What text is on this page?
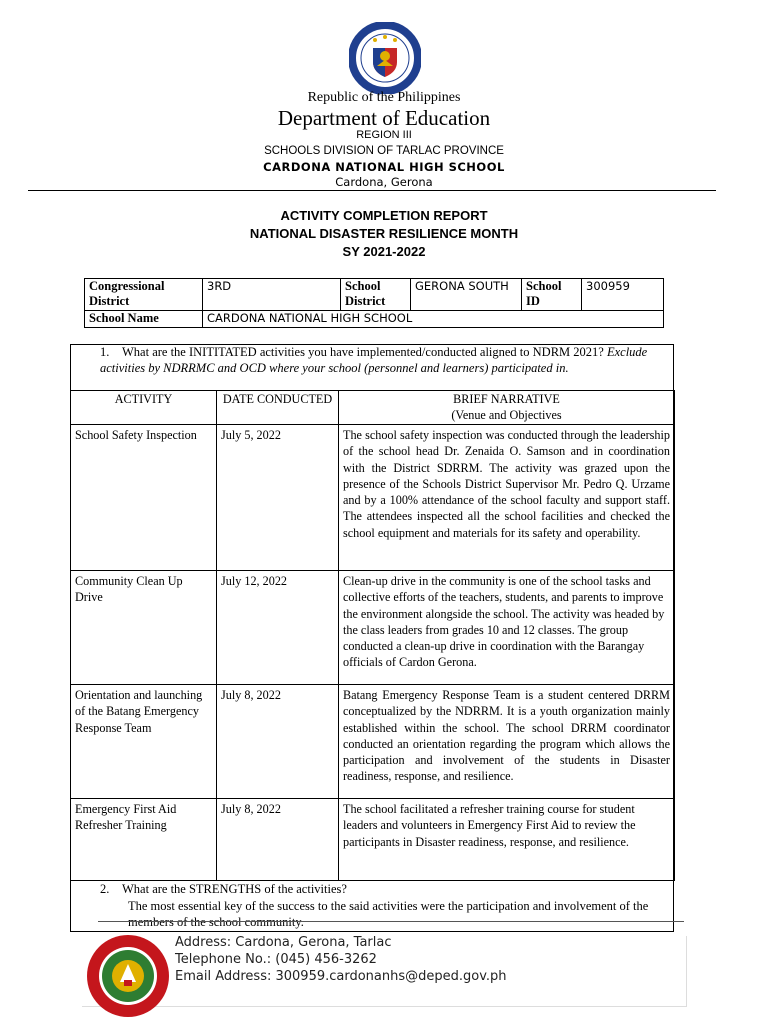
Republic of the Philippines
Department of Education
REGION III
SCHOOLS DIVISION OF TARLAC PROVINCE
CARDONA NATIONAL HIGH SCHOOL
Cardona, Gerona
ACTIVITY COMPLETION REPORT
NATIONAL DISASTER RESILIENCE MONTH
SY 2021-2022
Congressional District	3RD	School District	GERONA SOUTH	School ID	300959
School Name	CARDONA NATIONAL HIGH SCHOOL				
1. What are the INITITATED activities you have implemented/conducted aligned to NDRM 2021? Exclude activities by NDRRMC and OCD where your school (personnel and learners) participated in.
ACTIVITY	DATE CONDUCTED	BRIEF NARRATIVE
(Venue and Objectives

School Safety Inspection	July 5, 2022	The school safety inspection was conducted through the leadership of the school head Dr. Zenaida O. Samson and in coordination with the District SDRRM. The activity was grazed upon the presence of the Schools District Supervisor Mr. Pedro Q. Urzame and by a 100% attendance of the school faculty and support staff. The attendees inspected all the school facilities and checked the school equipment and materials for its safety and operability.
Community Clean Up Drive	July 12, 2022	Clean-up drive in the community is one of the school tasks and collective efforts of the teachers, students, and parents to improve the environment alongside the school. The activity was headed by the class leaders from grades 10 and 12 classes. The group conducted a clean-up drive in coordination with the Barangay officials of Cardon Gerona.
Orientation and launching of the Batang Emergency Response Team	July 8, 2022	Batang Emergency Response Team is a student centered DRRM conceptualized by the NDRRM. It is a youth organization mainly established within the school. The school DRRM coordinator conducted an orientation regarding the program which allows the participation and involvement of the students in Disaster readiness, response, and resilience.
Emergency First Aid Refresher Training	July 8, 2022	The school facilitated a refresher training course for student leaders and volunteers in Emergency First Aid to review the participants in Disaster readiness, response, and resilience.
2. What are the STRENGTHS of the activities?
The most essential key of the success to the said activities were the participation and involvement of the members of the school community.
Address: Cardona, Gerona, Tarlac
Telephone No.: (045) 456-3262
Email Address: 300959.cardonanhs@deped.gov.ph
